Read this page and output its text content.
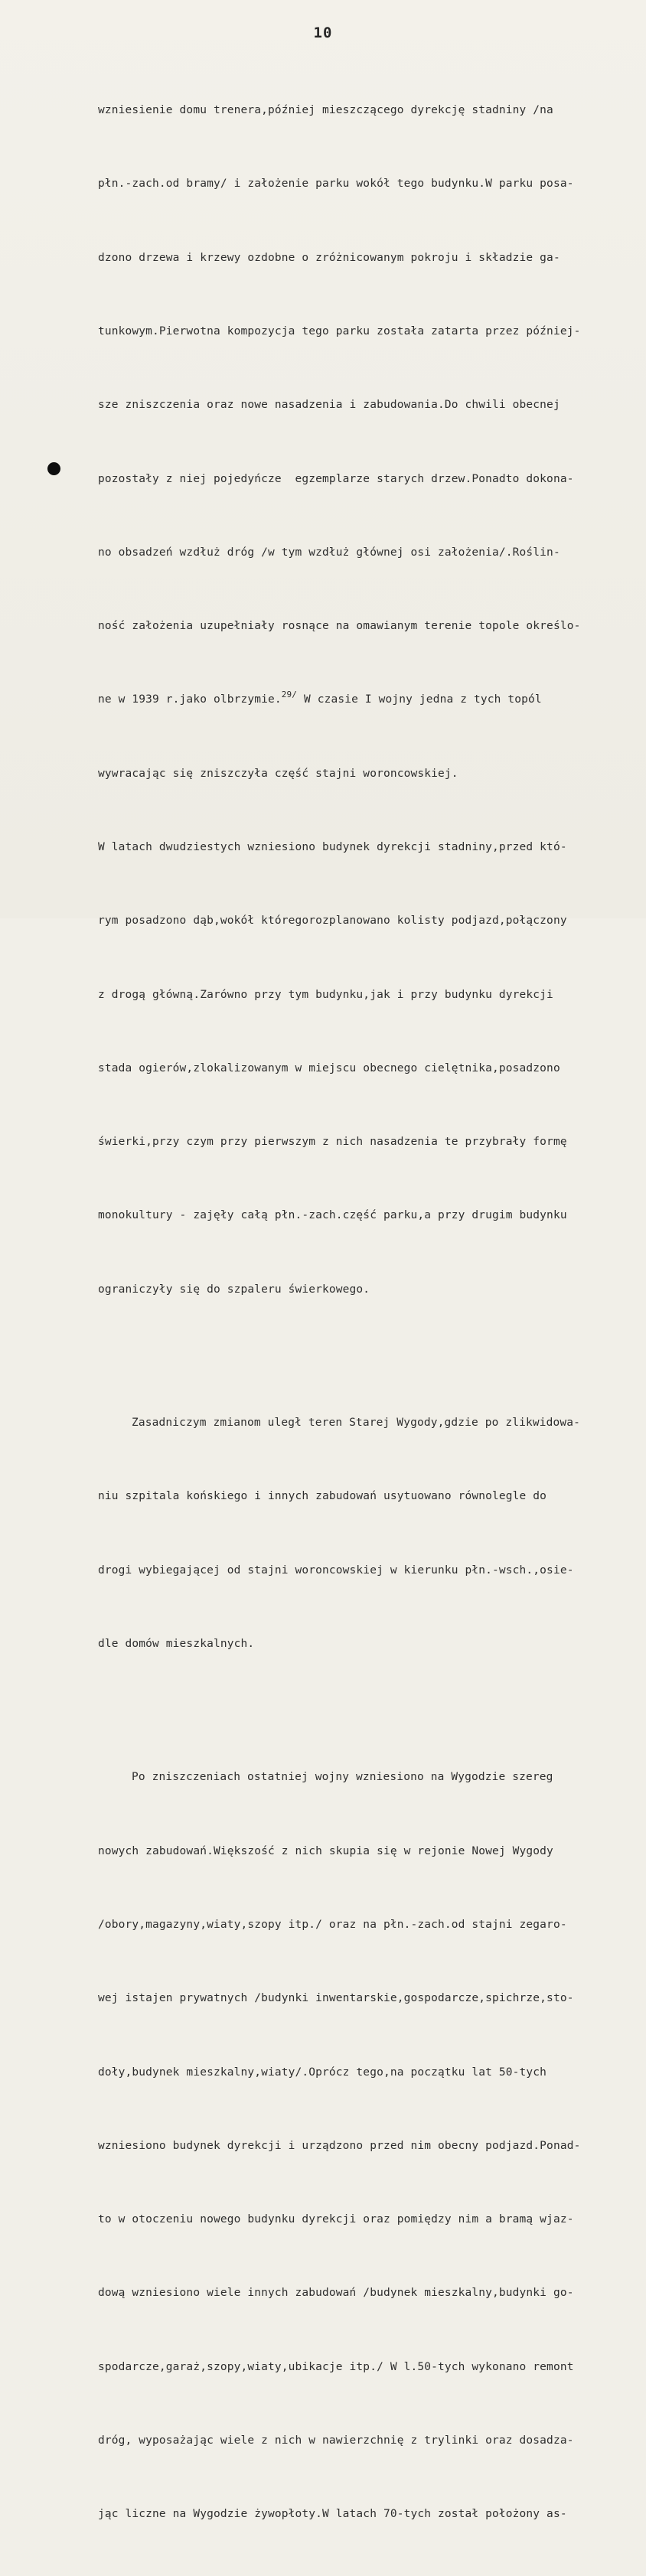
10

wzniesienie domu trenera,później mieszczącego dyrekcję stadniny /na

płn.-zach.od bramy/ i założenie parku wokół tego budynku.W parku posa-

dzono drzewa i krzewy ozdobne o zróżnicowanym pokroju i składzie ga-

tunkowym.Pierwotna kompozycja tego parku została zatarta przez później-

sze zniszczenia oraz nowe nasadzenia i zabudowania.Do chwili obecnej

pozostały z niej pojedyńcze  egzemplarze starych drzew.Ponadto dokona-

no obsadzeń wzdłuż dróg /w tym wzdłuż głównej osi założenia/.Roślin-

ność założenia uzupełniały rosnące na omawianym terenie topole określo-

ne w 1939 r.jako olbrzymie.$^{29/}$ W czasie I wojny jedna z tych topól

wywracając się zniszczyła część stajni woroncowskiej.

W latach dwudziestych wzniesiono budynek dyrekcji stadniny,przed któ-

rym posadzono dąb,wokół któregorozplanowano kolisty podjazd,połączony

z drogą główną.Zarówno przy tym budynku,jak i przy budynku dyrekcji

stada ogierów,zlokalizowanym w miejscu obecnego cielętnika,posadzono

świerki,przy czym przy pierwszym z nich nasadzenia te przybrały formę

monokultury - zajęły całą płn.-zach.część parku,a przy drugim budynku

ograniczyły się do szpaleru świerkowego.

Zasadniczym zmianom uległ teren Starej Wygody,gdzie po zlikwidowa-

niu szpitala końskiego i innych zabudowań usytuowano równolegle do

drogi wybiegającej od stajni woroncowskiej w kierunku płn.-wsch.,osie-

dle domów mieszkalnych.

Po zniszczeniach ostatniej wojny wzniesiono na Wygodzie szereg

nowych zabudowań.Większość z nich skupia się w rejonie Nowej Wygody

/obory,magazyny,wiaty,szopy itp./ oraz na płn.-zach.od stajni zegaro-

wej istajen prywatnych /budynki inwentarskie,gospodarcze,spichrze,sto-

doły,budynek mieszkalny,wiaty/.Oprócz tego,na początku lat 50-tych

wzniesiono budynek dyrekcji i urządzono przed nim obecny podjazd.Ponad-

to w otoczeniu nowego budynku dyrekcji oraz pomiędzy nim a bramą wjaz-

dową wzniesiono wiele innych zabudowań /budynek mieszkalny,budynki go-

spodarcze,garaż,szopy,wiaty,ubikacje itp./ W l.50-tych wykonano remont

dróg, wyposażając wiele z nich w nawierzchnię z trylinki oraz dosadza-

jąc liczne na Wygodzie żywopłoty.W latach 70-tych został położony as-
